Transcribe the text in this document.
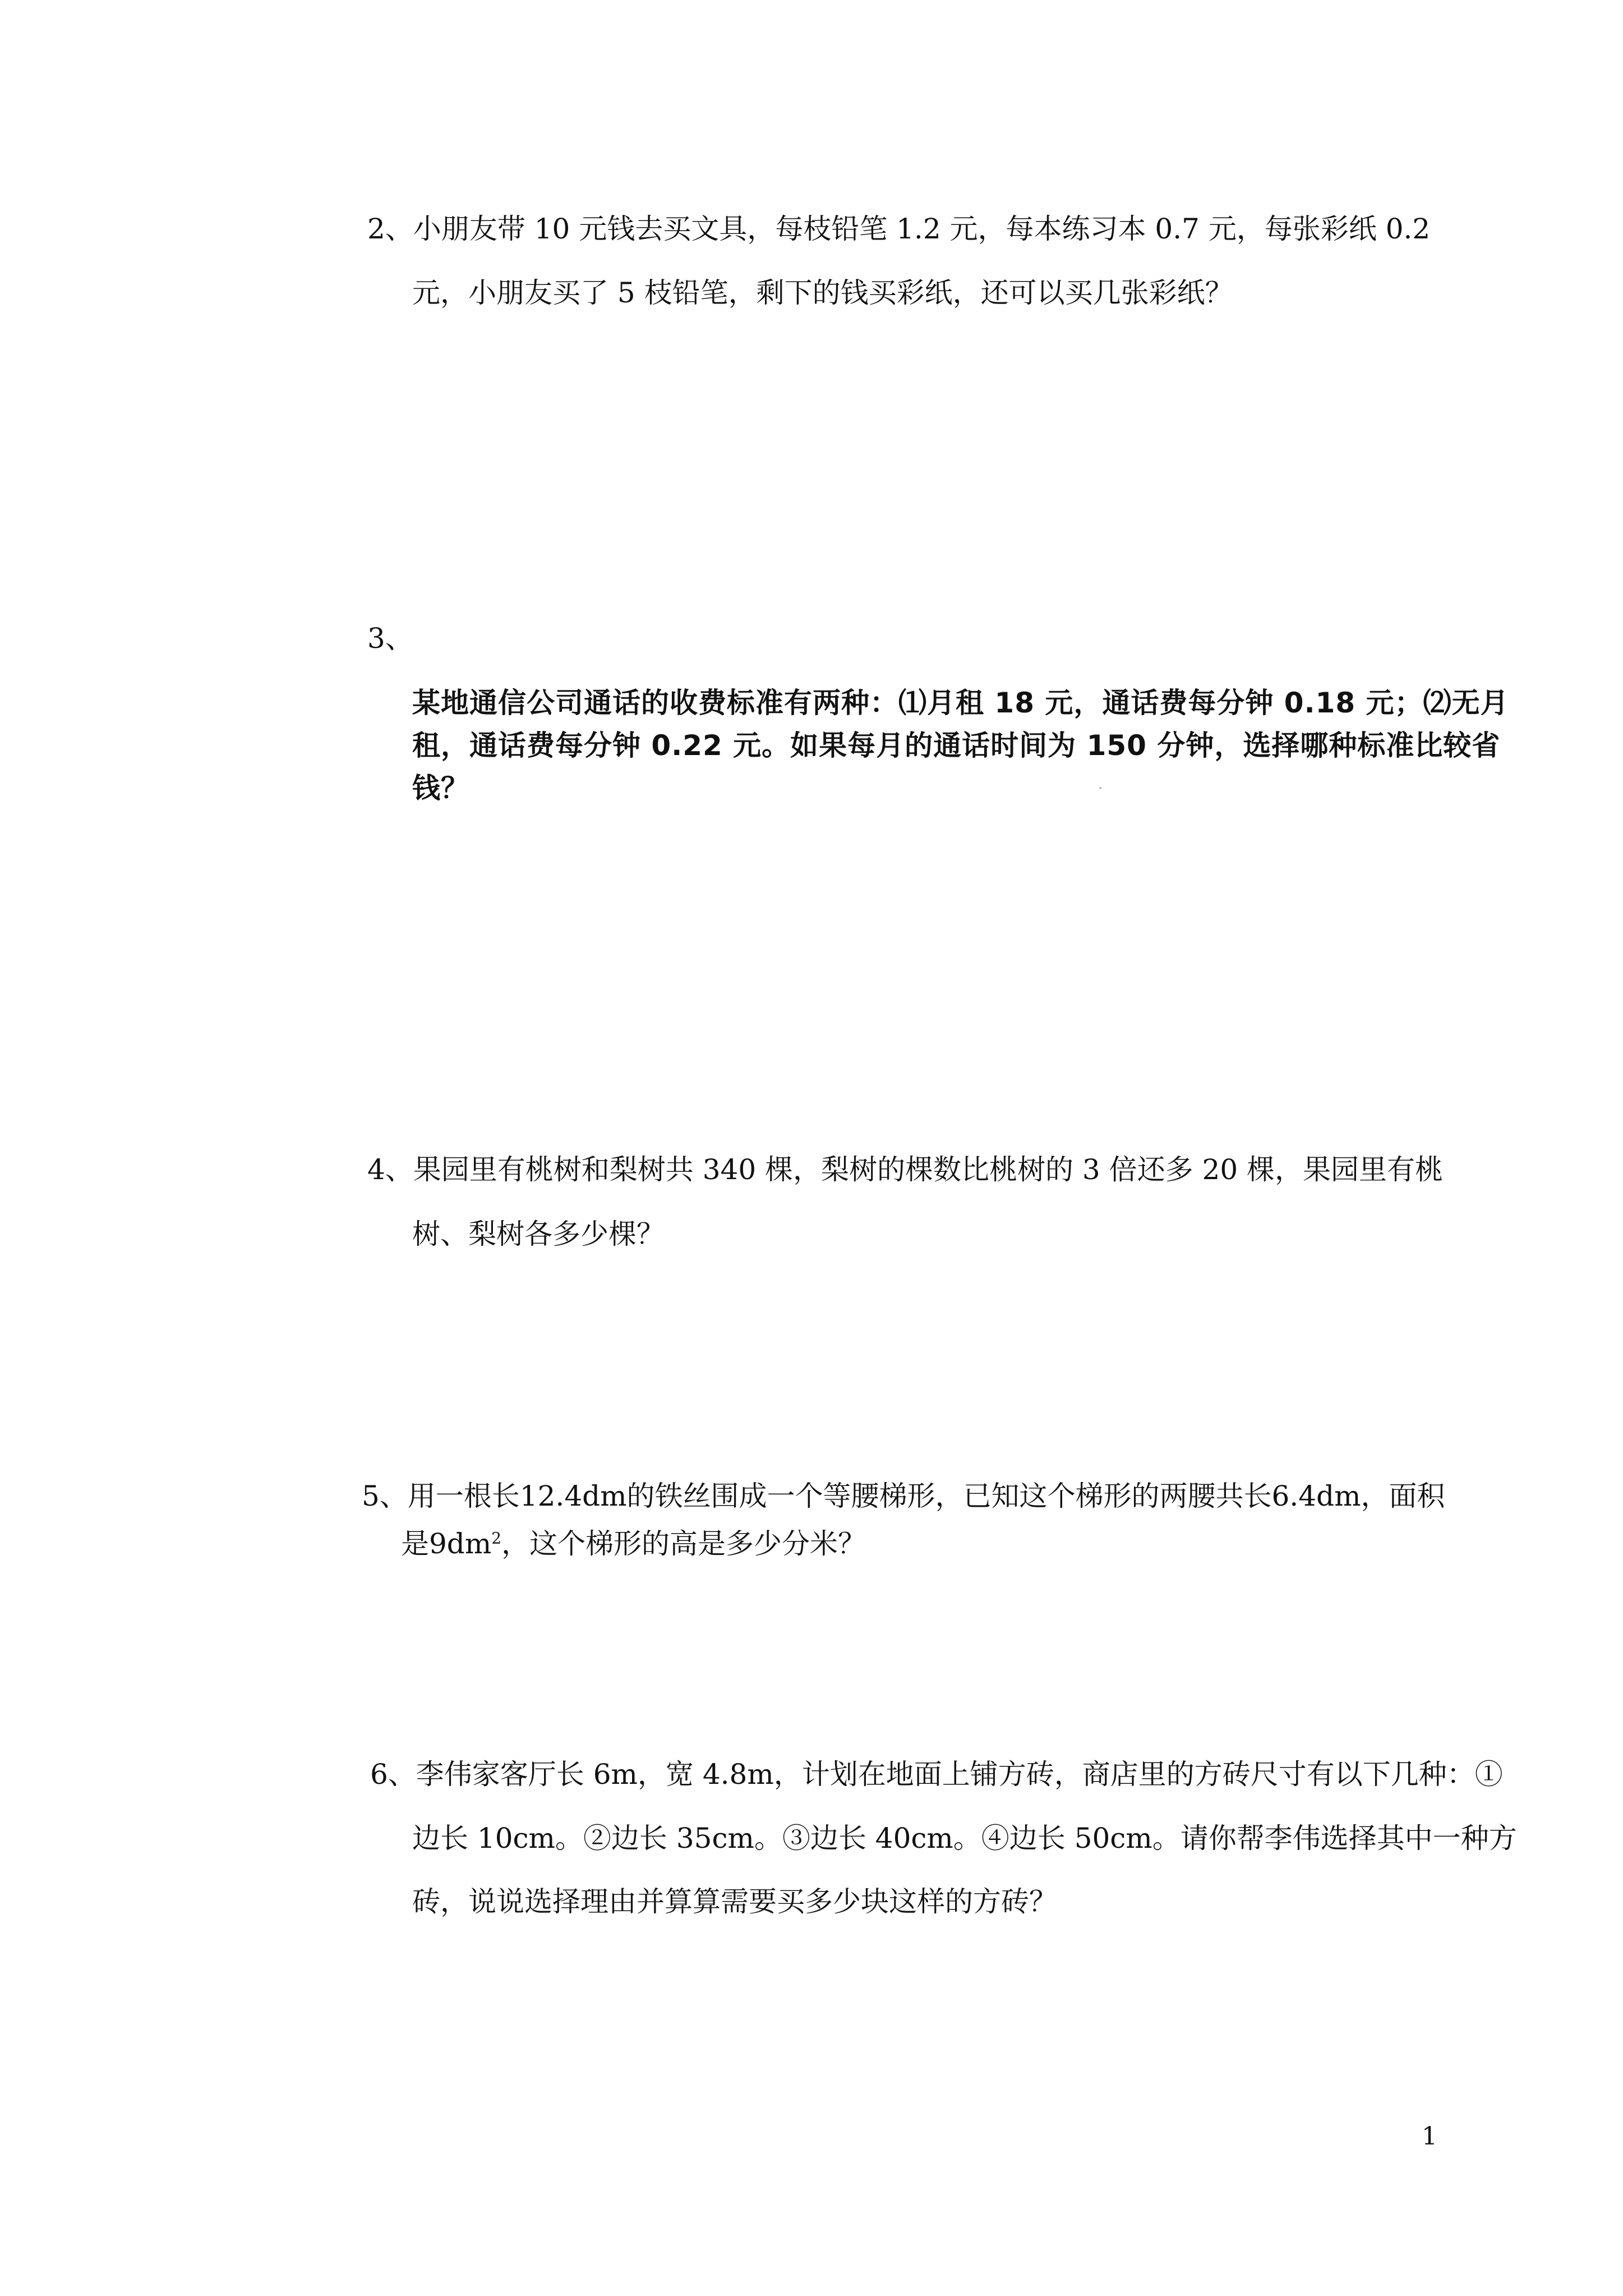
2、小朋友带 10 元钱去买文具，每枝铅笔 1.2 元，每本练习本 0.7 元，每张彩纸 0.2
元，小朋友买了 5 枝铅笔，剩下的钱买彩纸，还可以买几张彩纸？
3、
某地通信公司通话的收费标准有两种：⑴月租 18 元，通话费每分钟 0.18 元；⑵无月
租，通话费每分钟 0.22 元。如果每月的通话时间为 150 分钟，选择哪种标准比较省
钱？
4、果园里有桃树和梨树共 340 棵，梨树的棵数比桃树的 3 倍还多 20 棵，果园里有桃
树、梨树各多少棵？
5、用一根长12.4dm的铁丝围成一个等腰梯形，已知这个梯形的两腰共长6.4dm，面积
是$9dm^2$，这个梯形的高是多少分米？
6、李伟家客厅长 6m，宽 4.8m，计划在地面上铺方砖，商店里的方砖尺寸有以下几种：①
边长 10cm。②边长 35cm。③边长 40cm。④边长 50cm。请你帮李伟选择其中一种方
砖，说说选择理由并算算需要买多少块这样的方砖？
1
